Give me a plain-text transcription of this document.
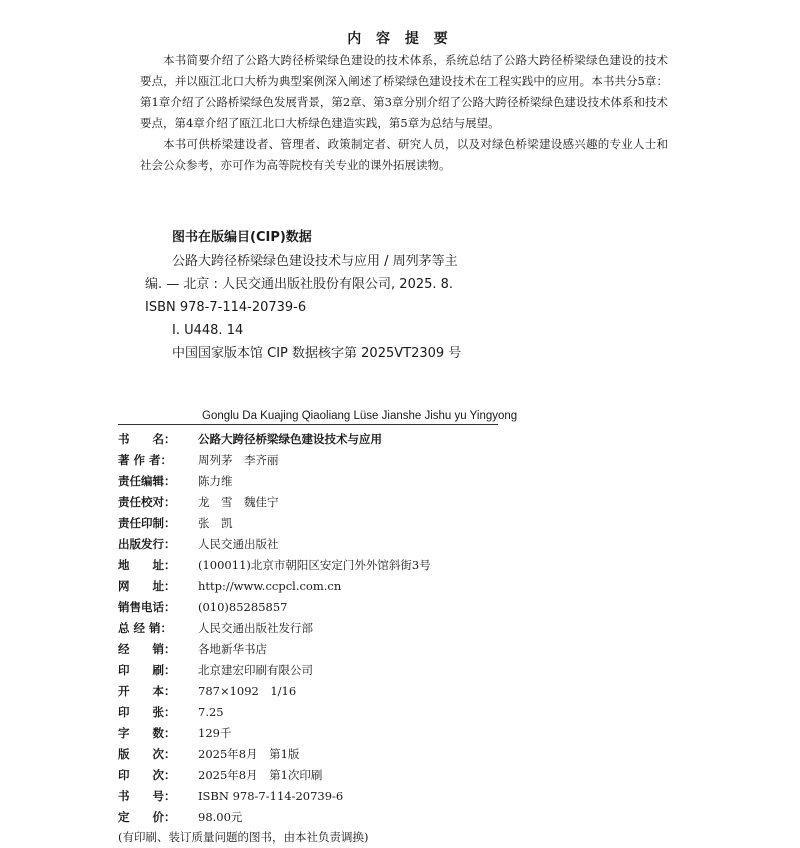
内 容 提 要

本书简要介绍了公路大跨径桥梁绿色建设的技术体系，系统总结了公路大跨径桥梁绿色建设的技术要点，并以瓯江北口大桥为典型案例深入阐述了桥梁绿色建设技术在工程实践中的应用。本书共分5章：第1章介绍了公路桥梁绿色发展背景，第2章、第3章分别介绍了公路大跨径桥梁绿色建设技术体系和技术要点，第4章介绍了瓯江北口大桥绿色建造实践，第5章为总结与展望。

本书可供桥梁建设者、管理者、政策制定者、研究人员，以及对绿色桥梁建设感兴趣的专业人士和社会公众参考，亦可作为高等院校有关专业的课外拓展读物。

图书在版编目(CIP)数据
公路大跨径桥梁绿色建设技术与应用 / 周列茅等主
编. — 北京 : 人民交通出版社股份有限公司, 2025. 8.
ISBN 978-7-114-20739-6
Ⅰ. U448. 14
中国国家版本馆 CIP 数据核字第 2025VT2309 号
Gonglu Da Kuajing Qiaoliang Lüse Jianshe Jishu yu Yingyong
书　　名：	公路大跨径桥梁绿色建设技术与应用
著 作 者：	周列茅　李齐丽
责任编辑：	陈力维
责任校对：	龙　雪　魏佳宁
责任印制：	张　凯
出版发行：	人民交通出版社
地　　址：	(100011)北京市朝阳区安定门外外馆斜街3号
网　　址：	http://www.ccpcl.com.cn
销售电话：	(010)85285857
总 经 销：	人民交通出版社发行部
经　　销：	各地新华书店
印　　刷：	北京建宏印刷有限公司
开　　本：	787×1092　1/16
印　　张：	7.25
字　　数：	129千
版　　次：	2025年8月　第1版
印　　次：	2025年8月　第1次印刷
书　　号：	ISBN 978-7-114-20739-6
定　　价：	98.00元
(有印刷、装订质量问题的图书，由本社负责调换)
